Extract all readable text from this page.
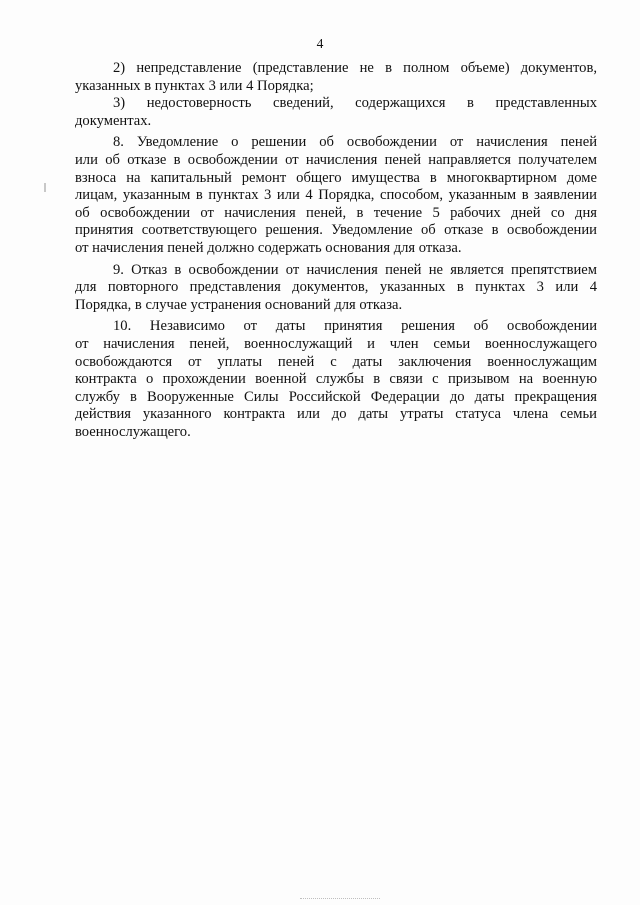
4
2) непредставление (представление не в полном объеме) документов,
указанных в пунктах 3 или 4 Порядка;
3) недостоверность сведений, содержащихся в представленных
документах.
8. Уведомление о решении об освобождении от начисления пеней
или об отказе в освобождении от начисления пеней направляется получателем
взноса на капитальный ремонт общего имущества в многоквартирном доме
лицам, указанным в пунктах 3 или 4 Порядка, способом, указанным в заявлении
об освобождении от начисления пеней, в течение 5 рабочих дней со дня
принятия соответствующего решения. Уведомление об отказе в освобождении
от начисления пеней должно содержать основания для отказа.
9. Отказ в освобождении от начисления пеней не является препятствием
для повторного представления документов, указанных в пунктах 3 или 4
Порядка, в случае устранения оснований для отказа.
10. Независимо от даты принятия решения об освобождении
от начисления пеней, военнослужащий и член семьи военнослужащего
освобождаются от уплаты пеней с даты заключения военнослужащим
контракта о прохождении военной службы в связи с призывом на военную
службу в Вооруженные Силы Российской Федерации до даты прекращения
действия указанного контракта или до даты утраты статуса члена семьи
военнослужащего.
